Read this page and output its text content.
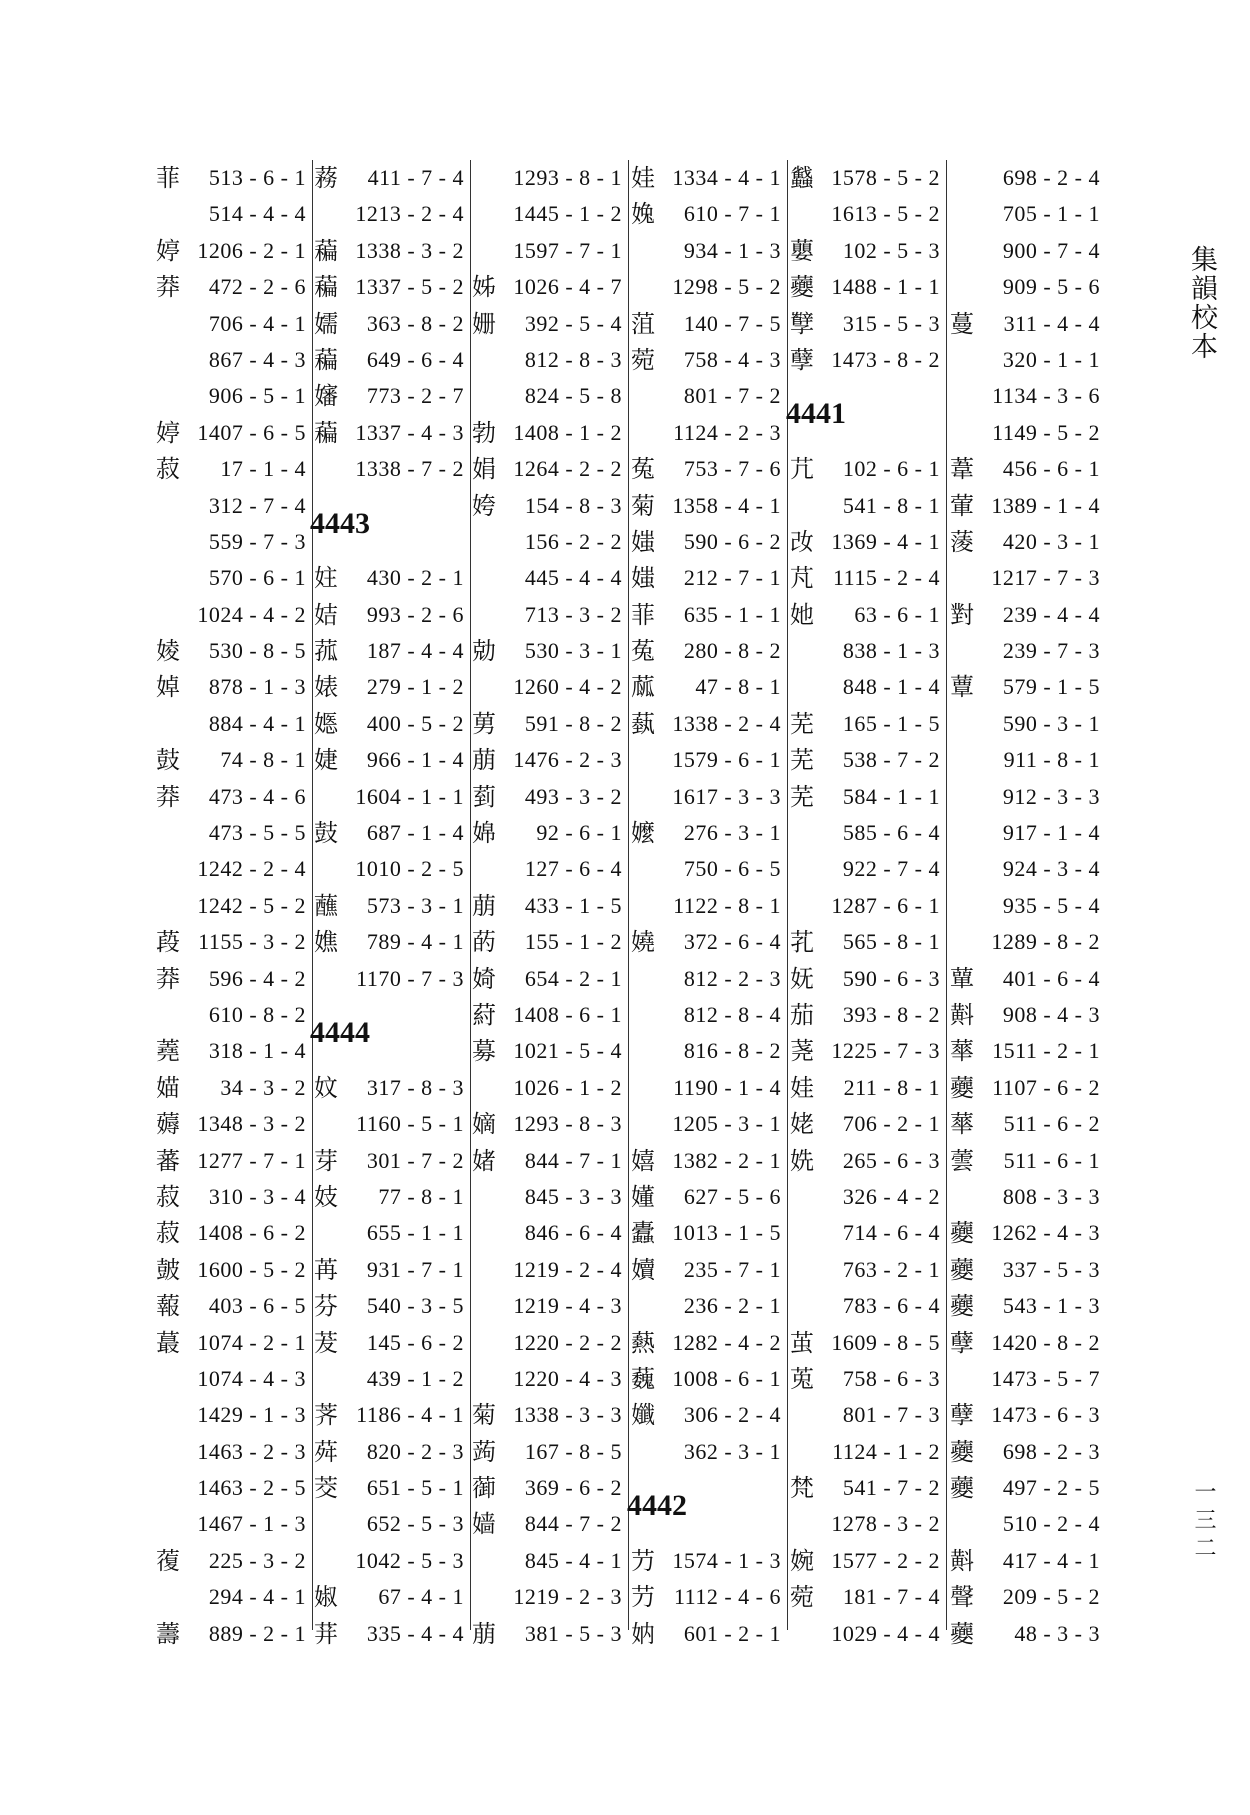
菲 513 - 6 - 1
514 - 4 - 4
婷 1206 - 2 - 1
莽 472 - 2 - 6
706 - 4 - 1
867 - 4 - 3
906 - 5 - 1
婷 1407 - 6 - 5
菽 17 - 1 - 4
312 - 7 - 4
559 - 7 - 3
570 - 6 - 1
1024 - 4 - 2
婈 530 - 8 - 5
婥 878 - 1 - 3
884 - 4 - 1
鼓 74 - 8 - 1
莽 473 - 4 - 6
473 - 5 - 5
1242 - 2 - 4
1242 - 5 - 2
葮 1155 - 3 - 2
莽 596 - 4 - 2
610 - 8 - 2
蕘 318 - 1 - 4
媌 34 - 3 - 2
薅 1348 - 3 - 2
蕃 1277 - 7 - 1
菽 310 - 3 - 4
菽 1408 - 6 - 2
皷 1600 - 5 - 2
蕔 403 - 6 - 5
蕞 1074 - 2 - 1
1074 - 4 - 3
1429 - 1 - 3
1463 - 2 - 3
1463 - 2 - 5
1467 - 1 - 3
蕧 225 - 3 - 2
294 - 4 - 1
薵 889 - 2 - 1
蓩 411 - 7 - 4
1213 - 2 - 4
藊 1338 - 3 - 2
藊 1337 - 5 - 2
嬬 363 - 8 - 2
藊 649 - 6 - 4
嬸 773 - 2 - 7
藊 1337 - 4 - 3
1338 - 7 - 2
4443
妵 430 - 2 - 1
姞 993 - 2 - 6
菰 187 - 4 - 4
婊 279 - 1 - 2
嫕 400 - 5 - 2
婕 966 - 1 - 4
1604 - 1 - 1
鼓 687 - 1 - 4
1010 - 2 - 5
蘸 573 - 3 - 1
嫶 789 - 4 - 1
1170 - 7 - 3
4444
妏 317 - 8 - 3
1160 - 5 - 1
芽 301 - 7 - 2
妓 77 - 8 - 1
655 - 1 - 1
苒 931 - 7 - 1
芬 540 - 3 - 5
茇 145 - 6 - 2
439 - 1 - 2
荠 1186 - 4 - 1
荈 820 - 2 - 3
茭 651 - 5 - 1
652 - 5 - 3
1042 - 5 - 3
婌 67 - 4 - 1
荓 335 - 4 - 4
1293 - 8 - 1
1445 - 1 - 2
1597 - 7 - 1
姊 1026 - 4 - 7
姗 392 - 5 - 4
812 - 8 - 3
824 - 5 - 8
勃 1408 - 1 - 2
娟 1264 - 2 - 2
姱 154 - 8 - 3
156 - 2 - 2
445 - 4 - 4
713 - 3 - 2
勀 530 - 3 - 1
1260 - 4 - 2
莮 591 - 8 - 2
萠 1476 - 2 - 3
菿 493 - 3 - 2
婂 92 - 6 - 1
127 - 6 - 4
萠 433 - 1 - 5
菂 155 - 1 - 2
婍 654 - 2 - 1
葤 1408 - 6 - 1
募 1021 - 5 - 4
1026 - 1 - 2
嫡 1293 - 8 - 3
媎 844 - 7 - 1
845 - 3 - 3
846 - 6 - 4
1219 - 2 - 4
1219 - 4 - 3
1220 - 2 - 2
1220 - 4 - 3
菊 1338 - 3 - 3
蒟 167 - 8 - 5
蓹 369 - 6 - 2
嫱 844 - 7 - 2
845 - 4 - 1
1219 - 2 - 3
萠 381 - 5 - 3
娃 1334 - 4 - 1
婏 610 - 7 - 1
934 - 1 - 3
1298 - 5 - 2
菹 140 - 7 - 5
菀 758 - 4 - 3
801 - 7 - 2
1124 - 2 - 3
菟 753 - 7 - 6
菊 1358 - 4 - 1
媸 590 - 6 - 2
媸 212 - 7 - 1
菲 635 - 1 - 1
菟 280 - 8 - 2
蓏 47 - 8 - 1
蓺 1338 - 2 - 4
1579 - 6 - 1
1617 - 3 - 3
嬤 276 - 3 - 1
750 - 6 - 5
1122 - 8 - 1
嬈 372 - 6 - 4
812 - 2 - 3
812 - 8 - 4
816 - 8 - 2
1190 - 1 - 4
1205 - 3 - 1
嬉 1382 - 2 - 1
嬞 627 - 5 - 6
蠹 1013 - 1 - 5
嬻 235 - 7 - 1
236 - 2 - 1
爇 1282 - 4 - 2
蘶 1008 - 6 - 1
孅 306 - 2 - 4
362 - 3 - 1
4442
芀 1574 - 1 - 3
芀 1112 - 4 - 6
妠 601 - 2 - 1
蠽 1578 - 5 - 2
1613 - 5 - 2
蘡 102 - 5 - 3
蘷 1488 - 1 - 1
孼 315 - 5 - 3
孽 1473 - 8 - 2
4441
芁 102 - 6 - 1
541 - 8 - 1
妀 1369 - 4 - 1
芃 1115 - 2 - 4
她 63 - 6 - 1
838 - 1 - 3
848 - 1 - 4
芜 165 - 1 - 5
芜 538 - 7 - 2
芜 584 - 1 - 1
585 - 6 - 4
922 - 7 - 4
1287 - 6 - 1
芤 565 - 8 - 1
妩 590 - 6 - 3
茄 393 - 8 - 2
荛 1225 - 7 - 3
娃 211 - 8 - 1
姥 706 - 2 - 1
姺 265 - 6 - 3
326 - 4 - 2
714 - 6 - 4
763 - 2 - 1
783 - 6 - 4
茧 1609 - 8 - 5
莵 758 - 6 - 3
801 - 7 - 3
1124 - 1 - 2
梵 541 - 7 - 2
1278 - 3 - 2
婉 1577 - 2 - 2
菀 181 - 7 - 4
1029 - 4 - 4
698 - 2 - 4
705 - 1 - 1
900 - 7 - 4
909 - 5 - 6
蔓 311 - 4 - 4
320 - 1 - 1
1134 - 3 - 6
1149 - 5 - 2
葦 456 - 6 - 1
葷 1389 - 1 - 4
蔆 420 - 3 - 1
1217 - 7 - 3
對 239 - 4 - 4
239 - 7 - 3
蕈 579 - 1 - 5
590 - 3 - 1
911 - 8 - 1
912 - 3 - 3
917 - 1 - 4
924 - 3 - 4
935 - 5 - 4
1289 - 8 - 2
蕇 401 - 6 - 4
斢 908 - 4 - 3
蕐 1511 - 2 - 1
蘷 1107 - 6 - 2
蕐 511 - 6 - 2
蕓 511 - 6 - 1
808 - 3 - 3
蘷 1262 - 4 - 3
蘷 337 - 5 - 3
蘷 543 - 1 - 3
孽 1420 - 8 - 2
1473 - 5 - 7
孽 1473 - 6 - 3
蘷 698 - 2 - 3
蘷 497 - 2 - 5
510 - 2 - 4
斢 417 - 4 - 1
聲 209 - 5 - 2
蘷 48 - 3 - 3
集韻校本
一三二
